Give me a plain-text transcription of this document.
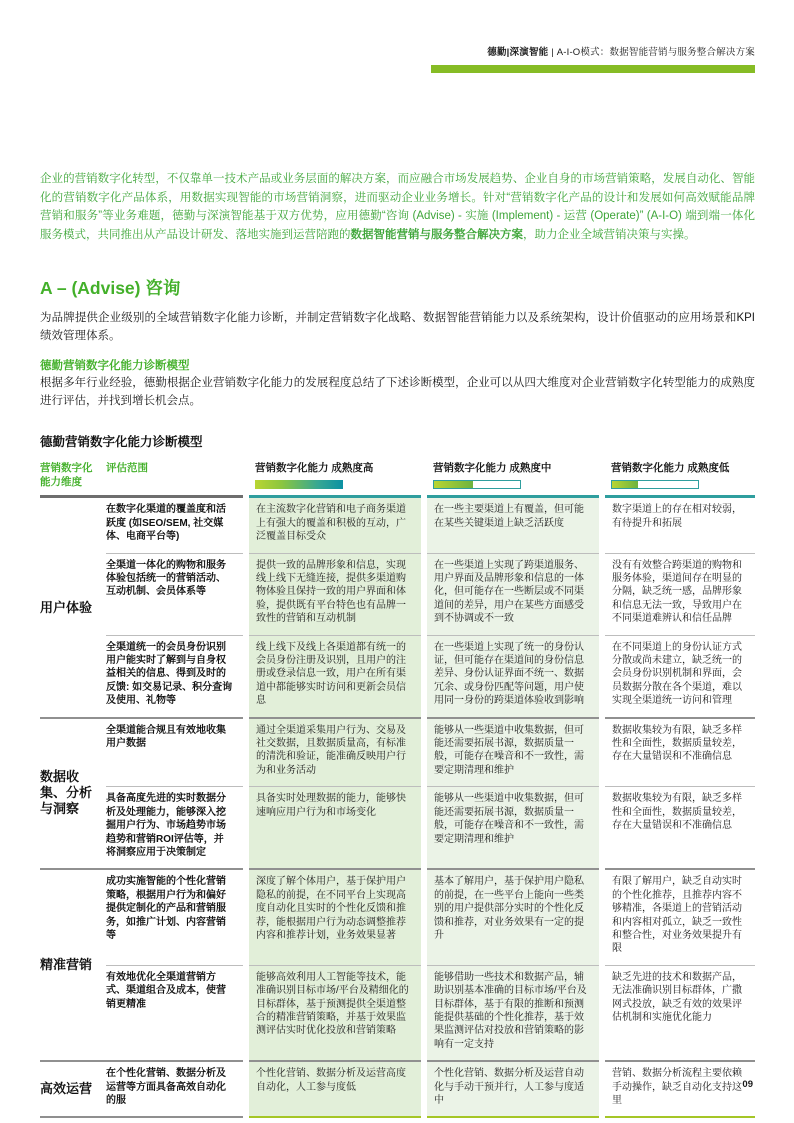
德勤|深演智能 | A-I-O模式：数据智能营销与服务整合解决方案

企业的营销数字化转型，不仅靠单一技术产品或业务层面的解决方案，而应融合市场发展趋势、企业自身的市场营销策略，发展自动化、智能化的营销数字化产品体系，用数据实现智能的市场营销洞察，进而驱动企业业务增长。针对“营销数字化产品的设计和发展如何高效赋能品牌营销和服务”等业务难题，德勤与深演智能基于双方优势，应用德勤“咨询 (Advise) - 实施 (Implement) - 运营 (Operate)” (A-I-O) 端到端一体化服务模式，共同推出从产品设计研发、落地实施到运营陪跑的数据智能营销与服务整合解决方案，助力企业全域营销决策与实操。

A – (Advise) 咨询

为品牌提供企业级别的全域营销数字化能力诊断，并制定营销数字化战略、数据智能营销能力以及系统架构，设计价值驱动的应用场景和KPI绩效管理体系。

德勤营销数字化能力诊断模型

根据多年行业经验，德勤根据企业营销数字化能力的发展程度总结了下述诊断模型，企业可以从四大维度对企业营销数字化转型能力的成熟度进行评估，并找到增长机会点。

德勤营销数字化能力诊断模型
营销数字化 能力维度	评估范围	营销数字化能力 成熟度高	营销数字化能力 成熟度中	营销数字化能力 成熟度低

用户体验	在数字化渠道的覆盖度和活跃度 (如SEO/SEM, 社交媒体、电商平台等)	在主流数字化营销和电子商务渠道上有强大的覆盖和积极的互动，广泛覆盖目标受众	在一些主要渠道上有覆盖，但可能在某些关键渠道上缺乏活跃度	数字渠道上的存在相对较弱，有待提升和拓展
	全渠道一体化的购物和服务体验包括统一的营销活动、互动机制、会员体系等	提供一致的品牌形象和信息，实现线上线下无缝连接，提供多渠道购物体验且保持一致的用户界面和体验，提供既有平台特色也有品牌一致性的营销和互动机制	在一些渠道上实现了跨渠道服务、用户界面及品牌形象和信息的一体化，但可能存在一些断层或不同渠道间的差异，用户在某些方面感受到不协调或不一致	没有有效整合跨渠道的购物和服务体验，渠道间存在明显的分隔，缺乏统一感，品牌形象和信息无法一致，导致用户在不同渠道难辨认和信任品牌
	全渠道统一的会员身份识别用户能实时了解到与自身权益相关的信息、得到及时的反馈: 如交易记录、积分查询及使用、礼物等	线上线下及线上各渠道都有统一的会员身份注册及识别，且用户的注册或登录信息一致，用户在所有渠道中都能够实时访问和更新会员信息	在一些渠道上实现了统一的身份认证，但可能存在渠道间的身份信息差异、身份认证界面不统一、数据冗余、或身份匹配等问题，用户使用同一身份的跨渠道体验收到影响	在不同渠道上的身份认证方式分散或尚未建立，缺乏统一的会员身份识别机制和界面，会员数据分散在各个渠道，难以实现全渠道统一访问和管理
数据收集、分析与洞察	全渠道能合规且有效地收集用户数据	通过全渠道采集用户行为、交易及社交数据，且数据质量高，有标准的清洗和验证，能准确反映用户行为和业务活动	能够从一些渠道中收集数据，但可能还需要拓展书源，数据质量一般，可能存在噪音和不一致性，需要定期清理和维护	数据收集较为有限，缺乏多样性和全面性，数据质量较差，存在大量错误和不准确信息
	具备高度先进的实时数据分析及处理能力，能够深入挖掘用户行为、市场趋势市场趋势和营销ROI评估等，并将洞察应用于决策制定	具备实时处理数据的能力，能够快速响应用户行为和市场变化	能够从一些渠道中收集数据，但可能还需要拓展书源，数据质量一般，可能存在噪音和不一致性，需要定期清理和维护	数据收集较为有限，缺乏多样性和全面性，数据质量较差，存在大量错误和不准确信息
精准营销	成功实施智能的个性化营销策略，根据用户行为和偏好提供定制化的产品和营销服务，如推广计划、内容营销等	深度了解个体用户，基于保护用户隐私的前提，在不同平台上实现高度自动化且实时的个性化反馈和推荐，能根据用户行为动态调整推荐内容和推荐计划，业务效果显著	基本了解用户，基于保护用户隐私的前提，在一些平台上能向一些类别的用户提供部分实时的个性化反馈和推荐，对业务效果有一定的提升	有限了解用户，缺乏自动实时的个性化推荐，且推荐内容不够精准，各渠道上的营销活动和内容相对孤立，缺乏一致性和整合性，对业务效果提升有限
	有效地优化全渠道营销方式、渠道组合及成本，使营销更精准	能够高效利用人工智能等技术，能准确识别目标市场/平台及精细化的目标群体，基于预测提供全渠道整合的精准营销策略，并基于效果监测评估实时优化投放和营销策略	能够借助一些技术和数据产品，辅助识别基本准确的目标市场/平台及目标群体，基于有限的推断和预测能提供基础的个性化推荐，基于效果监测评估对投放和营销策略的影响有一定支持	缺乏先进的技术和数据产品，无法准确识别目标群体，广撒网式投放，缺乏有效的效果评估机制和实施优化能力
高效运营	在个性化营销、数据分析及运营等方面具备高效自动化的服	个性化营销、数据分析及运营高度自动化，人工参与度低	个性化营销、数据分析及运营自动化与手动干预并行，人工参与度适中	营销、数据分析流程主要依赖手动操作，缺乏自动化支持这里
09
